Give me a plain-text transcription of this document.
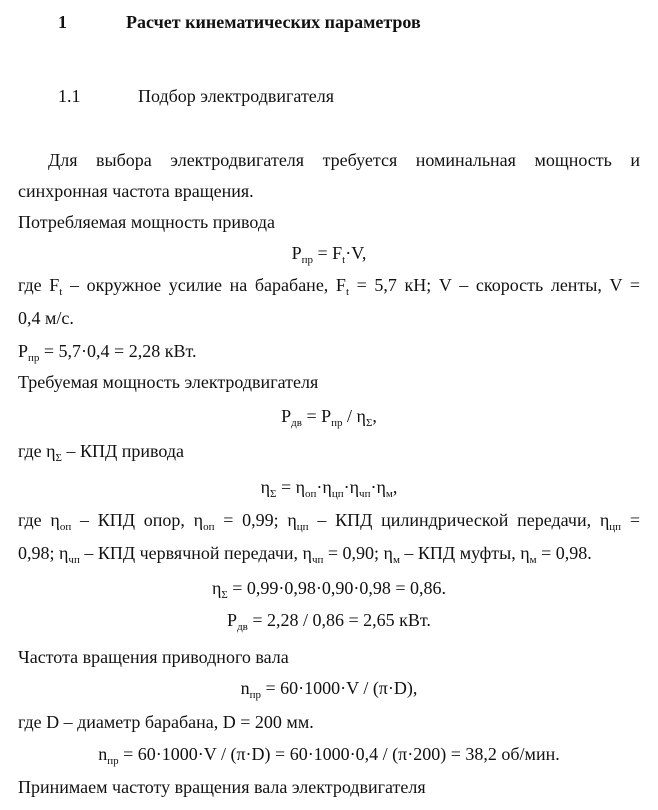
1	Расчет кинематических параметров
1.1	Подбор электродвигателя
Для выбора электродвигателя требуется номинальная мощность и
синхронная частота вращения.
Потребляемая мощность привода
$P_{пр} = F_t\cdot V$,
где $F_t$ – окружное усилие на барабане, $F_t = 5,7$ кН; V – скорость ленты, V =
0,4 м/с.
$P_{пр} = 5,7\cdot 0,4 = 2,28$ кВт.
Требуемая мощность электродвигателя
$P_{дв} = P_{пр} / \eta_\Sigma$,
где $\eta_\Sigma$ – КПД привода
$\eta_\Sigma = \eta_{оп}\cdot\eta_{цп}\cdot\eta_{чп}\cdot\eta_м$,
где $\eta_{оп}$ – КПД опор, $\eta_{оп} = 0,99$; $\eta_{цп}$ – КПД цилиндрической передачи, $\eta_{цп}$ =
0,98; $\eta_{чп}$ – КПД червячной передачи, $\eta_{чп} = 0,90$; $\eta_м$ – КПД муфты, $\eta_м = 0,98$.
$\eta_\Sigma = 0,99\cdot 0,98\cdot 0,90\cdot 0,98 = 0,86$.
$P_{дв} = 2,28 / 0,86 = 2,65$ кВт.
Частота вращения приводного вала
$n_{пр} = 60\cdot 1000\cdot V / (\pi\cdot D)$,
где D – диаметр барабана, D = 200 мм.
$n_{пр} = 60\cdot 1000\cdot V / (\pi\cdot D) = 60\cdot 1000\cdot 0,4 / (\pi\cdot 200) = 38,2$ об/мин.
Принимаем частоту вращения вала электродвигателя
